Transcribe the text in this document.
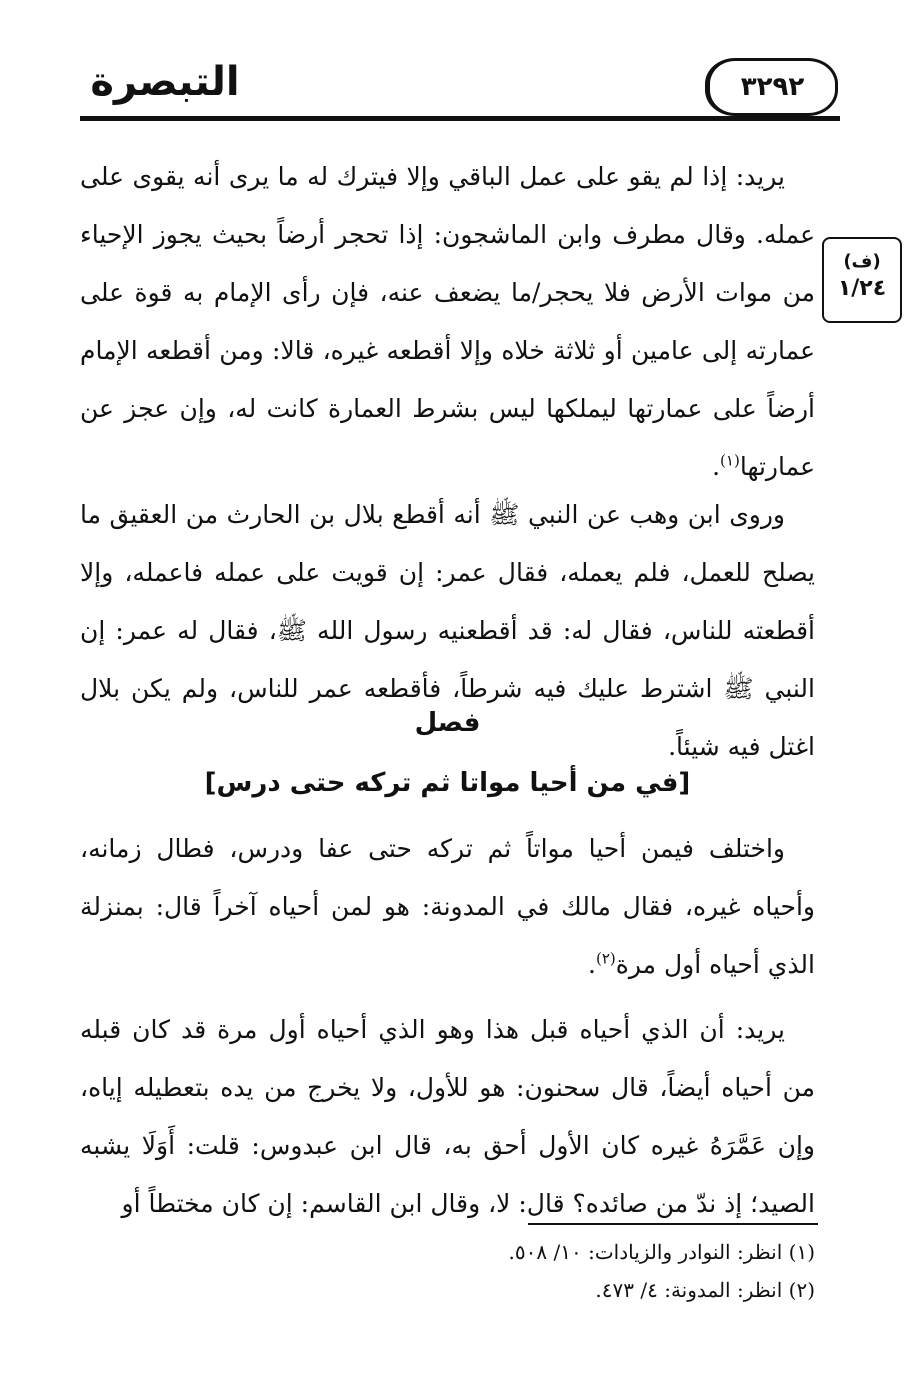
التبصرة	٣٢٩٢
(ف)
١/٢٤

يريد: إذا لم يقو على عمل الباقي وإلا فيترك له ما يرى أنه يقوى على عمله. وقال مطرف وابن الماشجون: إذا تحجر أرضاً بحيث يجوز الإحياء من موات الأرض فلا يحجر/ما يضعف عنه، فإن رأى الإمام به قوة على عمارته إلى عامين أو ثلاثة خلاه وإلا أقطعه غيره، قالا: ومن أقطعه الإمام أرضاً على عمارتها ليملكها ليس بشرط العمارة كانت له، وإن عجز عن عمارتها$^{(١)}$.

وروى ابن وهب عن النبي ﷺ أنه أقطع بلال بن الحارث من العقيق ما يصلح للعمل، فلم يعمله، فقال عمر: إن قويت على عمله فاعمله، وإلا أقطعته للناس، فقال له: قد أقطعنيه رسول الله ﷺ، فقال له عمر: إن النبي ﷺ اشترط عليك فيه شرطاً، فأقطعه عمر للناس، ولم يكن بلال اغتل فيه شيئاً.

فصل
[في من أحيا مواتا ثم تركه حتى درس]

واختلف فيمن أحيا مواتاً ثم تركه حتى عفا ودرس، فطال زمانه، وأحياه غيره، فقال مالك في المدونة: هو لمن أحياه آخراً قال: بمنزلة الذي أحياه أول مرة$^{(٢)}$.

يريد: أن الذي أحياه قبل هذا وهو الذي أحياه أول مرة قد كان قبله من أحياه أيضاً، قال سحنون: هو للأول، ولا يخرج من يده بتعطيله إياه، وإن عَمَّرَهُ غيره كان الأول أحق به، قال ابن عبدوس: قلت: أَوَلَا يشبه الصيد؛ إذ ندّ من صائده؟ قال: لا، وقال ابن القاسم: إن كان مختطاً أو

(١) انظر: النوادر والزيادات: ١٠/ ٥٠٨.
(٢) انظر: المدونة: ٤/ ٤٧٣.
